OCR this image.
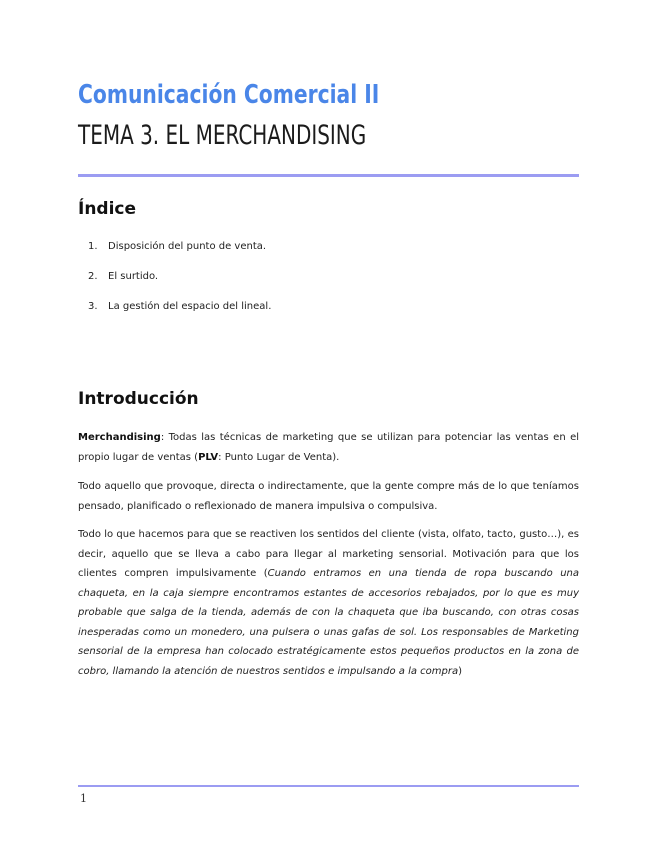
Comunicación Comercial II
TEMA 3. EL MERCHANDISING
Índice
1. Disposición del punto de venta.
2. El surtido.
3. La gestión del espacio del lineal.
Introducción

Merchandising: Todas las técnicas de marketing que se utilizan para potenciar las ventas en el propio lugar de ventas (PLV: Punto Lugar de Venta).

Todo aquello que provoque, directa o indirectamente, que la gente compre más de lo que teníamos pensado, planificado o reflexionado de manera impulsiva o compulsiva.

Todo lo que hacemos para que se reactiven los sentidos del cliente (vista, olfato, tacto, gusto…), es decir, aquello que se lleva a cabo para llegar al marketing sensorial. Motivación para que los clientes compren impulsivamente (Cuando entramos en una tienda de ropa buscando una chaqueta, en la caja siempre encontramos estantes de accesorios rebajados, por lo que es muy probable que salga de la tienda, además de con la chaqueta que iba buscando, con otras cosas inesperadas como un monedero, una pulsera o unas gafas de sol. Los responsables de Marketing sensorial de la empresa han colocado estratégicamente estos pequeños productos en la zona de cobro, llamando la atención de nuestros sentidos e impulsando a la compra)

1
